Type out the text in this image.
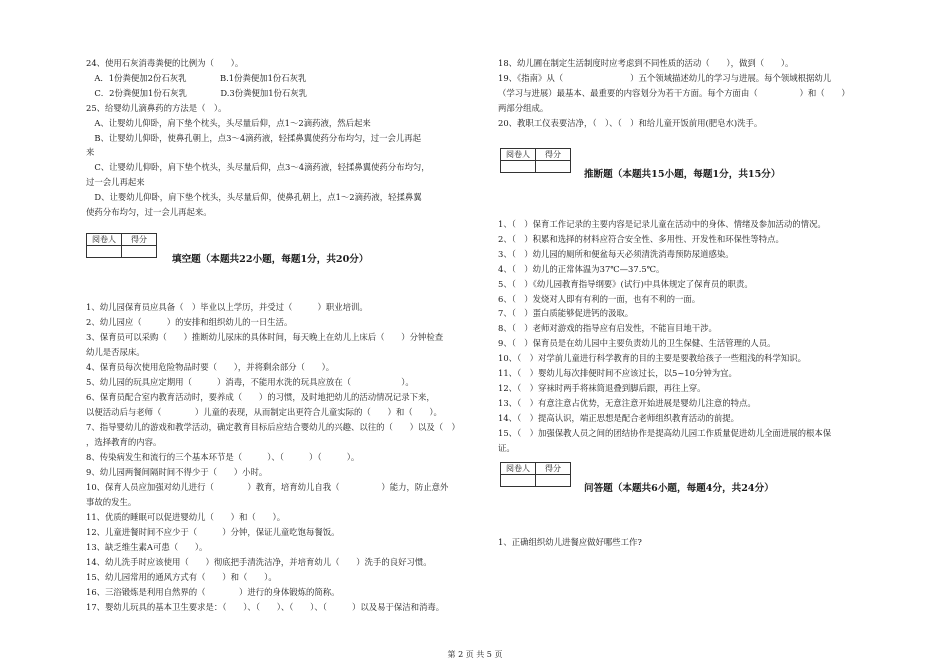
24、使用石灰消毒粪便的比例为（　　）。
　A．1份粪便加2份石灰乳　　　　B.1份粪便加1份石灰乳
　C．2份粪便加1份石灰乳　　　　D.3份粪便加1份石灰乳
25、给婴幼儿滴鼻药的方法是（　）。
　A、让婴幼儿仰卧，肩下垫个枕头，头尽量后仰，点1～2滴药液，然后起来
　B、让婴幼儿仰卧，使鼻孔朝上，点3～4滴药液，轻揉鼻翼使药分布均匀，过一会儿再起
来
　C、让婴幼儿仰卧，肩下垫个枕头，头尽量后仰，点3～4滴药液，轻揉鼻翼使药分布均匀，
过一会儿再起来
　D、让婴幼儿仰卧，肩下垫个枕头，头尽量后仰，使鼻孔朝上，点1～2滴药液，轻揉鼻翼
使药分布均匀，过一会儿再起来。
阅卷人	得分

填空题（本题共22小题，每题1分，共20分）
1、幼儿园保育员应具备（　）毕业以上学历，并受过（　　　）职业培训。
2、幼儿园应（　　　）的安排和组织幼儿的一日生活。
3、保育员可以采购（　　）推断幼儿尿床的具体时间，每天晚上在幼儿上床后（　　）分钟检查
幼儿是否尿床。
4、保育员每次使用危险物品时要（　　），并将剩余部分（　　）。
5、幼儿园的玩具应定期用（　　　）消毒，不能用水洗的玩具应放在（　　　　　　）。
6、保育员配合室内教育活动时，要养成（　　）的习惯，及时地把幼儿的活动情况记录下来，
以便活动后与老师（　　　　）儿童的表现，从而制定出更符合儿童实际的（　　）和（　　）。
7、指导婴幼儿的游戏和教学活动，确定教育目标后应结合婴幼儿的兴趣、以往的（　　）以及（　）
，选择教育的内容。
8、传染病发生和流行的三个基本环节是（　　　）、（　　　）（　　　）。
9、幼儿园两餐间隔时间不得少于（　　）小时。
10、保育人员应加强对幼儿进行（　　　　）教育，培育幼儿自我（　　　　　）能力，防止意外
事故的发生。
11、优质的睡眠可以促进婴幼儿（　　）和（　　）。
12、儿童进餐时间不应少于（　　　）分钟，保证儿童吃饱每餐饭。
13、缺乏维生素A可患（　　）。
14、幼儿洗手时应该使用（　　）彻底把手清洗洁净，并培育幼儿（　　）洗手的良好习惯。
15、幼儿园常用的通风方式有（　　）和（　　）。
16、三浴锻炼是利用自然界的（　　　　）进行的身体锻炼的简称。
17、婴幼儿玩具的基本卫生要求是：（　　）、（　　）、（　　）、（　　　）以及易于保洁和消毒。
18、幼儿圃在制定生活制度时应考虑到不同性质的活动（　　），做到（　　）。
19、《指南》从（　　　　　　　　）五个领域描述幼儿的学习与进展。每个领域根据幼儿
（学习与进展）最基本、最重要的内容划分为若干方面。每个方面由（　　　　　）和（　　）
两部分组成。
20、教职工仪表要洁净，（　）、（　）和给儿童开饭前用(肥皂水)洗手。
阅卷人	得分

推断题（本题共15小题，每题1分，共15分）
1、（　）保育工作记录的主要内容是记录儿童在活动中的身体、情绪及参加活动的情况。
2、（　）积累和选择的材料应符合安全性、多用性、开发性和环保性等特点。
3、（　）幼儿园的厕所和便盆每天必须清洗消毒预防尿道感染。
4、（　）幼儿的正常体温为37℃—37.5℃。
5、（　）《幼儿园教育指导纲要》(试行)中具体规定了保育员的职责。
6、（　）发烧对人即有有利的一面，也有不利的一面。
7、（　）蛋白质能够促进钙的汲取。
8、（　）老师对游戏的指导应有启发性，不能盲目地干涉。
9、（　）保育员是在幼儿园中主要负责幼儿的卫生保健、生活管理的人员。
10、（　）对学前儿童进行科学教育的目的主要是要教给孩子一些粗浅的科学知识。
11、（　）婴幼儿每次排便时间不应该过长，以5~10分钟为宜。
12、（　）穿袜时两手将袜筒退叠到脚后跟，再往上穿。
13、（　）有意注意占优势，无意注意开始进展是婴幼儿注意的特点。
14、（　）提高认识，端正思想是配合老师组织教育活动的前提。
15、（　）加强保教人员之间的团结协作是提高幼儿园工作质量促进幼儿全面进展的根本保
证。
阅卷人	得分

问答题（本题共6小题，每题4分，共24分）
1、正确组织幼儿进餐应做好哪些工作?
第 2 页 共 5 页
